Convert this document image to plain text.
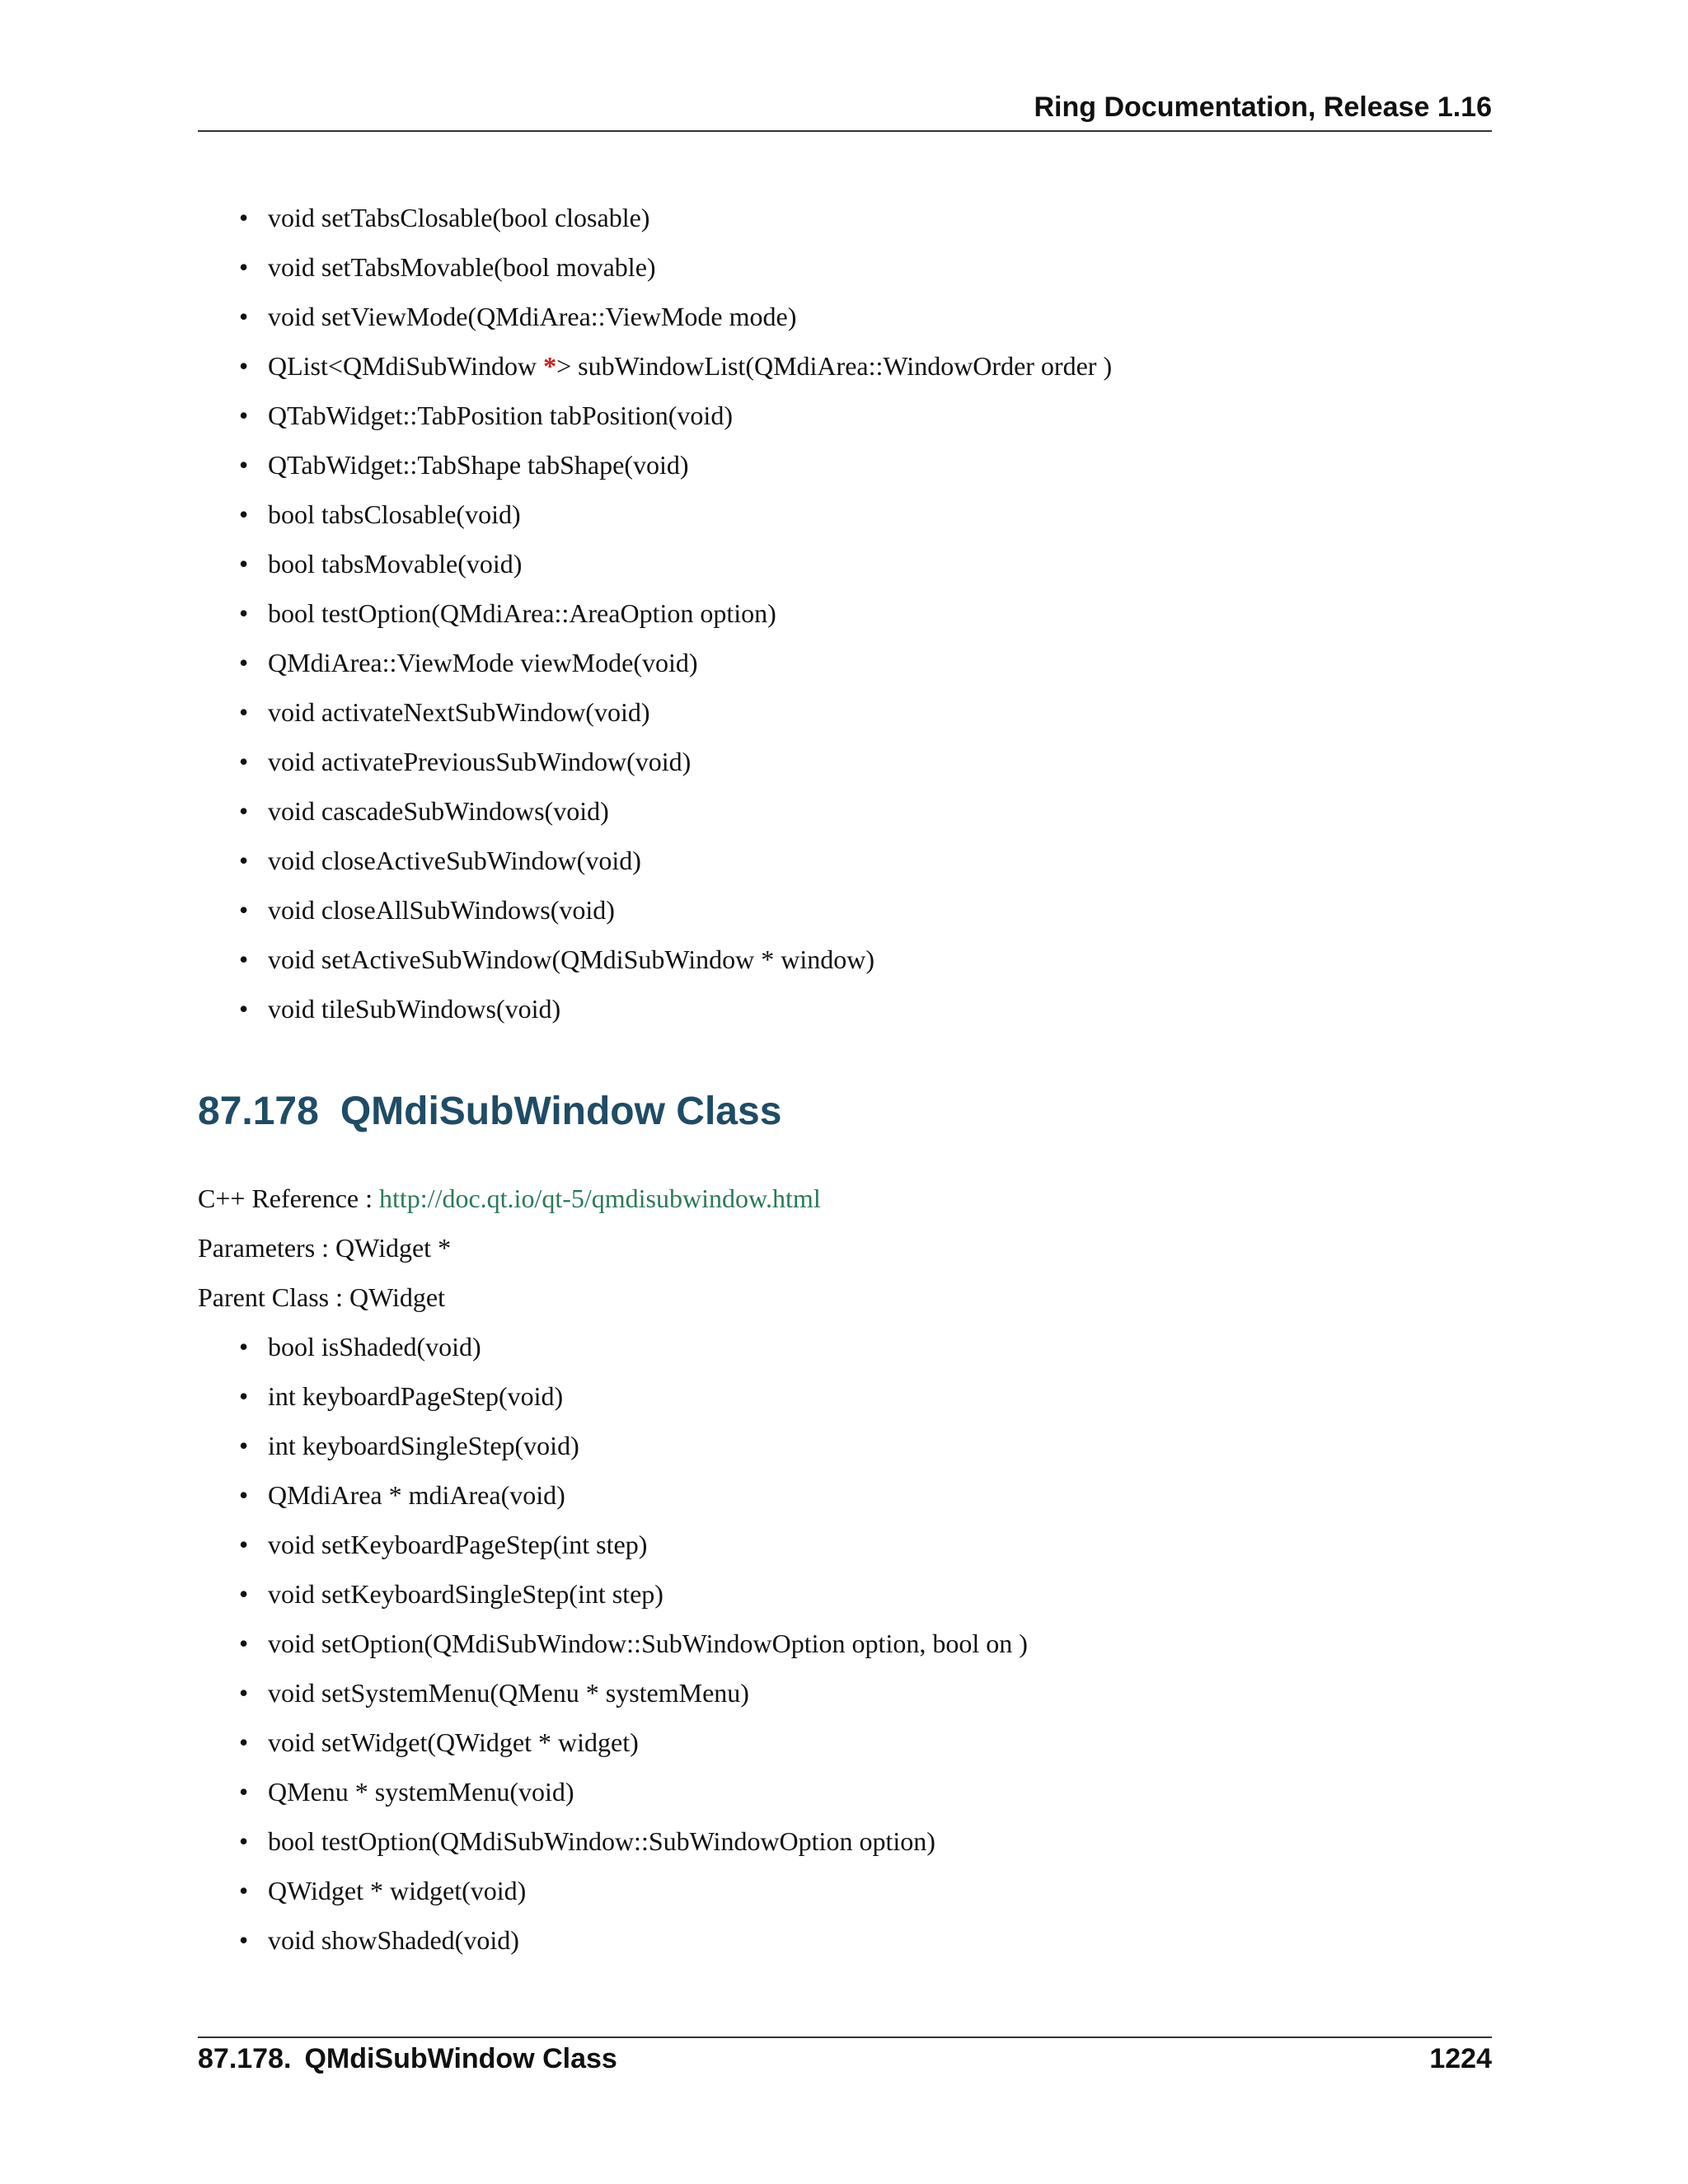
Ring Documentation, Release 1.16
• void setTabsClosable(bool closable)
• void setTabsMovable(bool movable)
• void setViewMode(QMdiArea::ViewMode mode)
• QList<QMdiSubWindow *> subWindowList(QMdiArea::WindowOrder order )
• QTabWidget::TabPosition tabPosition(void)
• QTabWidget::TabShape tabShape(void)
• bool tabsClosable(void)
• bool tabsMovable(void)
• bool testOption(QMdiArea::AreaOption option)
• QMdiArea::ViewMode viewMode(void)
• void activateNextSubWindow(void)
• void activatePreviousSubWindow(void)
• void cascadeSubWindows(void)
• void closeActiveSubWindow(void)
• void closeAllSubWindows(void)
• void setActiveSubWindow(QMdiSubWindow * window)
• void tileSubWindows(void)
87.178 QMdiSubWindow Class
C++ Reference : http://doc.qt.io/qt-5/qmdisubwindow.html
Parameters : QWidget *
Parent Class : QWidget
• bool isShaded(void)
• int keyboardPageStep(void)
• int keyboardSingleStep(void)
• QMdiArea * mdiArea(void)
• void setKeyboardPageStep(int step)
• void setKeyboardSingleStep(int step)
• void setOption(QMdiSubWindow::SubWindowOption option, bool on )
• void setSystemMenu(QMenu * systemMenu)
• void setWidget(QWidget * widget)
• QMenu * systemMenu(void)
• bool testOption(QMdiSubWindow::SubWindowOption option)
• QWidget * widget(void)
• void showShaded(void)
87.178. QMdiSubWindow Class	1224
